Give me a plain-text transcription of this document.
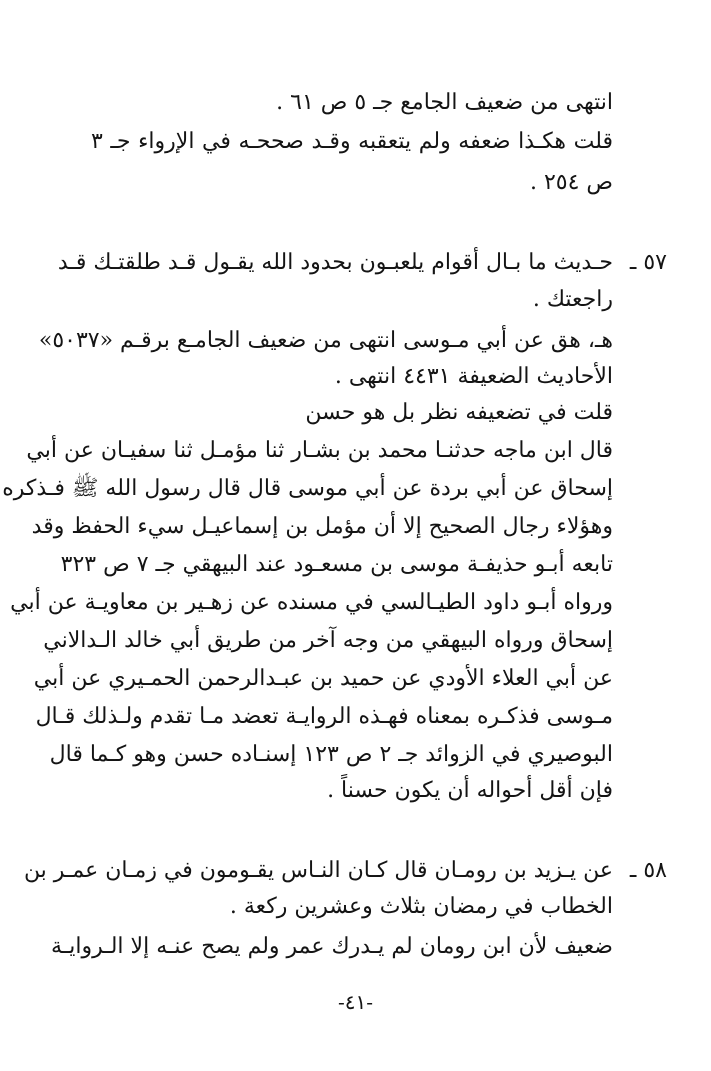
انتهى من ضعيف الجامع جـ ٥ ص ٦١ .
قلت هكـذا ضعفه ولم يتعقبه وقـد صححـه في الإرواء جـ ٣
ص ٢٥٤ .
٥٧ ـ
حـديث ما بـال أقوام يلعبـون بحدود الله يقـول قـد طلقتـك قـد
راجعتك .
هـ، هق عن أبي مـوسى انتهى من ضعيف الجامـع برقـم «٥٠٣٧»
الأحاديث الضعيفة ٤٤٣١ انتهى .
قلت في تضعيفه نظر بل هو حسن
قال ابن ماجه حدثنـا محمد بن بشـار ثنا مؤمـل ثنا سفيـان عن أبي
إسحاق عن أبي بردة عن أبي موسى قال قال رسول الله ﷺ فـذكره
وهؤلاء رجال الصحيح إلا أن مؤمل بن إسماعيـل سيء الحفظ وقد
تابعه أبـو حذيفـة موسى بن مسعـود عند البيهقي جـ ٧ ص ٣٢٣
ورواه أبـو داود الطيـالسي في مسنده عن زهـير بن معاويـة عن أبي
إسحاق ورواه البيهقي من وجه آخر من طريق أبي خالد الـدالاني
عن أبي العلاء الأودي عن حميد بن عبـدالرحمن الحمـيري عن أبي
مـوسى فذكـره بمعناه فهـذه الروايـة تعضد مـا تقدم ولـذلك قـال
البوصيري في الزوائد جـ ٢ ص ١٢٣ إسنـاده حسن وهو كـما قال
فإن أقل أحواله أن يكون حسناً .
٥٨ ـ
عن يـزيد بن رومـان قال كـان النـاس يقـومون في زمـان عمـر بن
الخطاب في رمضان بثلاث وعشرين ركعة .
ضعيف لأن ابن رومان لم يـدرك عمر ولم يصح عنـه إلا الـروايـة
-٤١-
